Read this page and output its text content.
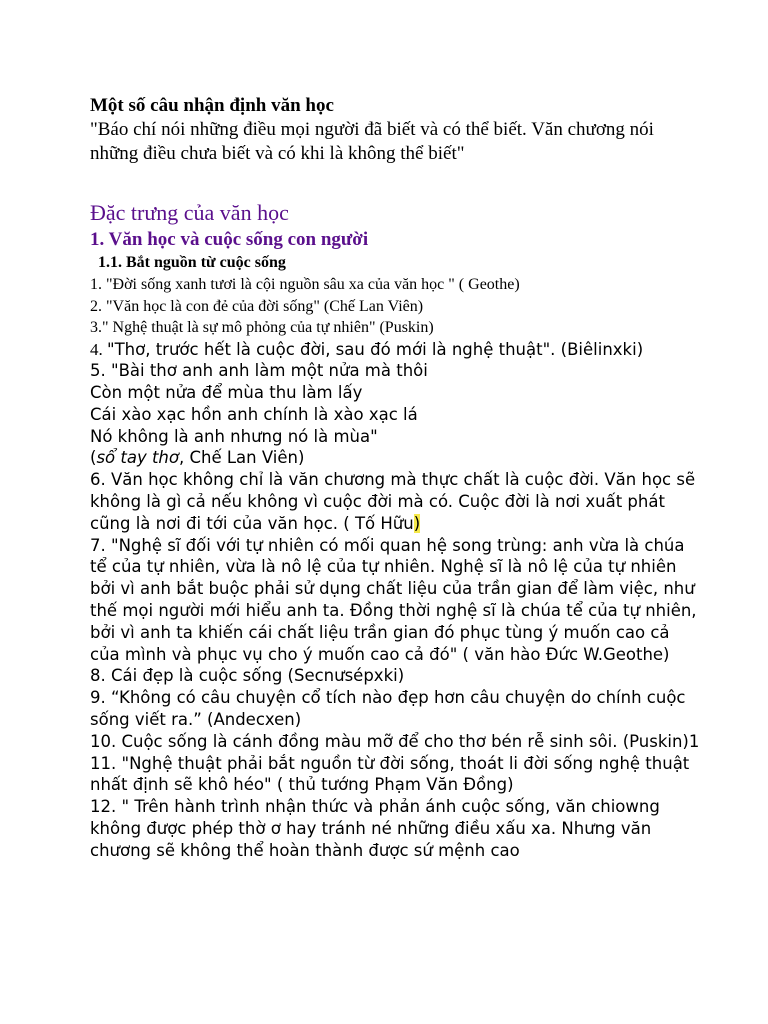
Một số câu nhận định văn học

"Báo chí nói những điều mọi người đã biết và có thể biết. Văn chương nói những điều chưa biết và có khi là không thể biết"

Đặc trưng của văn học
1. Văn học và cuộc sống con người
1.1. Bắt nguồn từ cuộc sống

1. "Đời sống xanh tươi là cội nguồn sâu xa của văn học " ( Geothe)

2. "Văn học là con đẻ của đời sống" (Chế Lan Viên)

3." Nghệ thuật là sự mô phỏng của tự nhiên" (Puskin)

4. "Thơ, trước hết là cuộc đời, sau đó mới là nghệ thuật". (Biêlinxki)

5. "Bài thơ anh anh làm một nửa mà thôi

Còn một nửa để mùa thu làm lấy

Cái xào xạc hồn anh chính là xào xạc lá

Nó không là anh nhưng nó là mùa"

(sổ tay thơ, Chế Lan Viên)

6. Văn học không chỉ là văn chương mà thực chất là cuộc đời. Văn học sẽ không là gì cả nếu không vì cuộc đời mà có. Cuộc đời là nơi xuất phát cũng là nơi đi tới của văn học. ( Tố Hữu)

7. "Nghệ sĩ đối với tự nhiên có mối quan hệ song trùng: anh vừa là chúa tể của tự nhiên, vừa là nô lệ của tự nhiên. Nghệ sĩ là nô lệ của tự nhiên bởi vì anh bắt buộc phải sử dụng chất liệu của trần gian để làm việc, như thế mọi người mới hiểu anh ta. Đồng thời nghệ sĩ là chúa tể của tự nhiên, bởi vì anh ta khiến cái chất liệu trần gian đó phục tùng ý muốn cao cả của mình và phục vụ cho ý muốn cao cả đó" ( văn hào Đức W.Geothe)

8. Cái đẹp là cuộc sống (Secnưsépxki)

9. “Không có câu chuyện cổ tích nào đẹp hơn câu chuyện do chính cuộc sống viết ra.” (Andecxen)

10. Cuộc sống là cánh đồng màu mỡ để cho thơ bén rễ sinh sôi. (Puskin)1

11. "Nghệ thuật phải bắt nguồn từ đời sống, thoát li đời sống nghệ thuật nhất định sẽ khô héo" ( thủ tướng Phạm Văn Đồng)

12. " Trên hành trình nhận thức và phản ánh cuộc sống, văn chiowng không được phép thờ ơ hay tránh né những điều xấu xa. Nhưng văn chương sẽ không thể hoàn thành được sứ mệnh cao
